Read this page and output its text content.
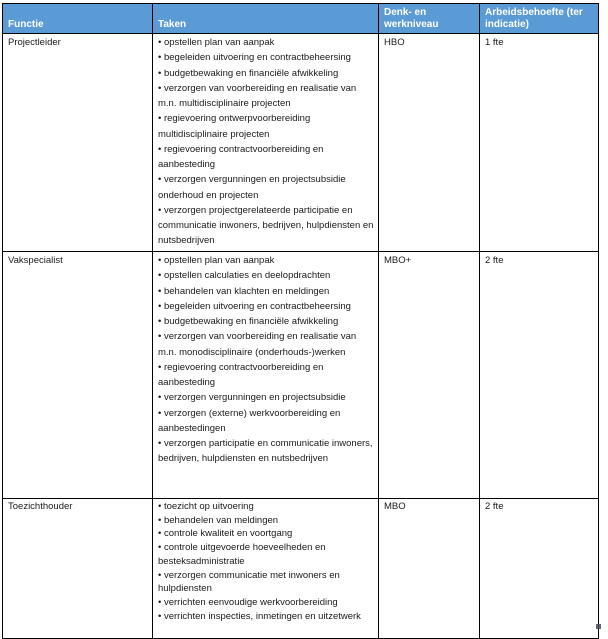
Functie	Taken	Denk- en werkniveau	Arbeidsbehoefte (ter indicatie)
Projectleider	• opstellen plan van aanpak
• begeleiden uitvoering en contractbeheersing
• budgetbewaking en financiële afwikkeling
• verzorgen van voorbereiding en realisatie van m.n. multidisciplinaire projecten
• regievoering ontwerpvoorbereiding multidisciplinaire projecten
• regievoering contractvoorbereiding en aanbesteding
• verzorgen vergunningen en projectsubsidie onderhoud en projecten
• verzorgen projectgerelateerde participatie en communicatie inwoners, bedrijven, hulpdiensten en nutsbedrijven
	HBO	1 fte
Vakspecialist	• opstellen plan van aanpak
• opstellen calculaties en deelopdrachten
• behandelen van klachten en meldingen
• begeleiden uitvoering en contractbeheersing
• budgetbewaking en financiële afwikkeling
• verzorgen van voorbereiding en realisatie van m.n. monodisciplinaire (onderhouds-)werken
• regievoering contractvoorbereiding en aanbesteding
• verzorgen vergunningen en projectsubsidie
• verzorgen (externe) werkvoorbereiding en aanbestedingen
• verzorgen participatie en communicatie inwoners, bedrijven, hulpdiensten en nutsbedrijven
	MBO+	2 fte
Toezichthouder	• toezicht op uitvoering
• behandelen van meldingen
• controle kwaliteit en voortgang
• controle uitgevoerde hoeveelheden en besteksadministratie
• verzorgen communicatie met inwoners en hulpdiensten
• verrichten eenvoudige werkvoorbereiding
• verrichten inspecties, inmetingen en uitzetwerk
	MBO	2 fte
